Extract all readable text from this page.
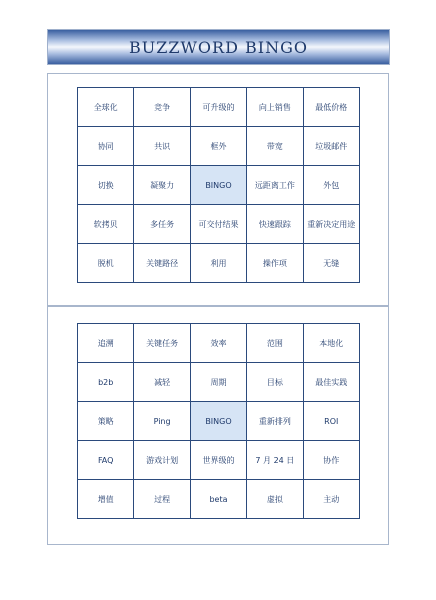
BUZZWORD BINGO
全球化	竞争	可升级的	向上销售	最低价格
协同	共识	框外	带宽	垃圾邮件
切换	凝聚力	BINGO	远距离工作	外包
软拷贝	多任务	可交付结果	快速跟踪	重新决定用途
脱机	关键路径	利用	操作项	无缝
追溯	关键任务	效率	范围	本地化
b2b	减轻	周期	目标	最佳实践
策略	Ping	BINGO	重新排列	ROI
FAQ	游戏计划	世界级的	7 月 24 日	协作
增值	过程	beta	虚拟	主动
